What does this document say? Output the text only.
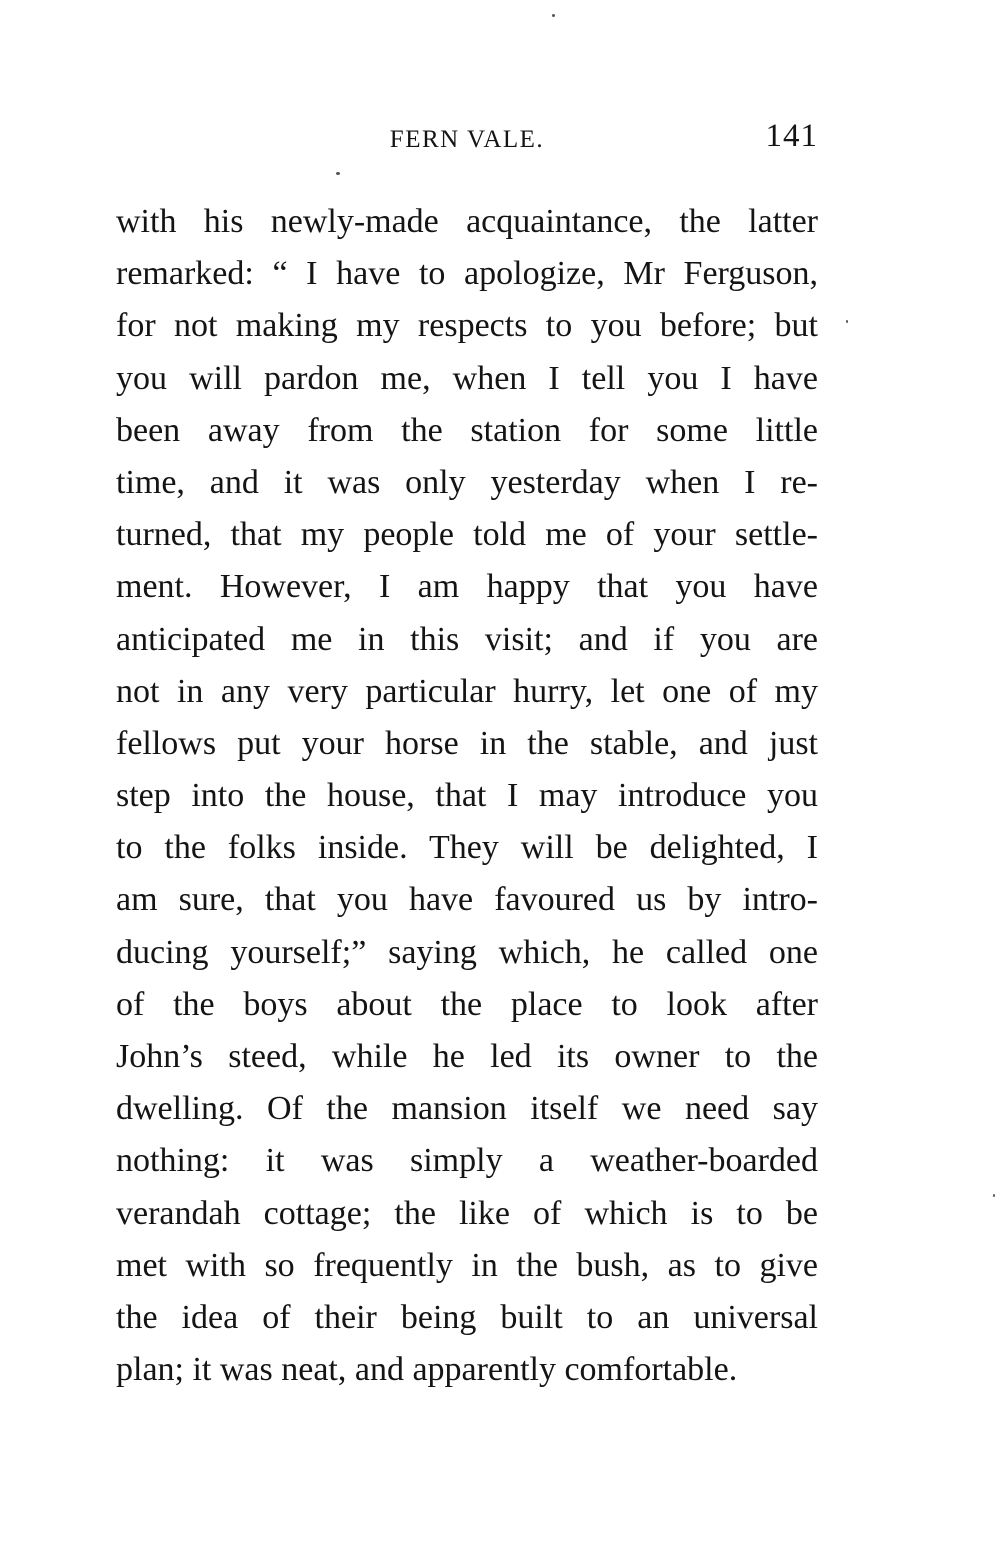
FERN VALE.	141
with his newly-made acquaintance, the latter
remarked: “ I have to apologize, Mr Ferguson,
for not making my respects to you before; but
you will pardon me, when I tell you I have
been away from the station for some little
time, and it was only yesterday when I re-
turned, that my people told me of your settle-
ment. However, I am happy that you have
anticipated me in this visit; and if you are
not in any very particular hurry, let one of my
fellows put your horse in the stable, and just
step into the house, that I may introduce you
to the folks inside. They will be delighted, I
am sure, that you have favoured us by intro-
ducing yourself;” saying which, he called one
of the boys about the place to look after
John’s steed, while he led its owner to the
dwelling. Of the mansion itself we need say
nothing: it was simply a weather-boarded
verandah cottage; the like of which is to be
met with so frequently in the bush, as to give
the idea of their being built to an universal
plan; it was neat, and apparently comfortable.
